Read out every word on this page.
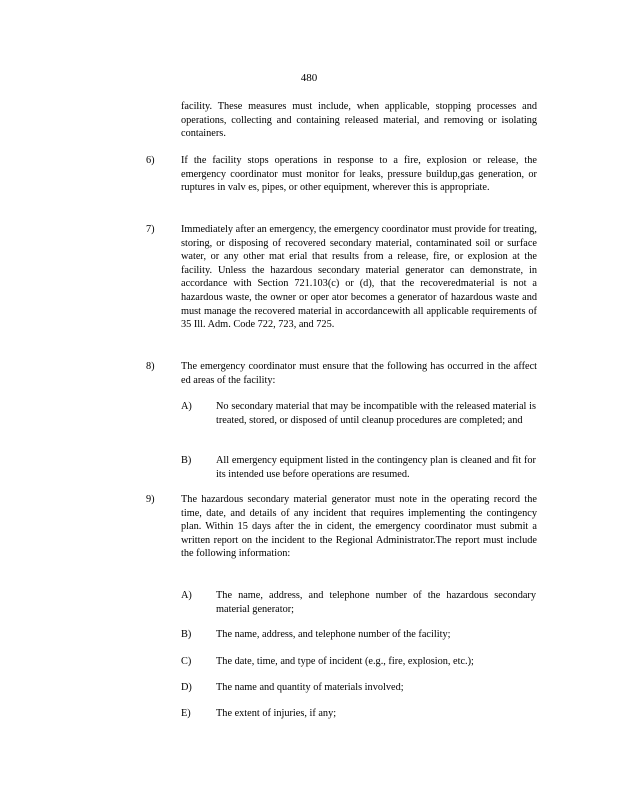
480
facility. These measures must include, when applicable, stopping processes and operations, collecting and containing released material, and removing or isolating containers.
6)	If the facility stops operations in response to a fire, explosion or release, the emergency coordinator must monitor for leaks, pressure buildup,gas generation, or ruptures in valv es, pipes, or other equipment, wherever this is appropriate.
7)	Immediately after an emergency, the emergency coordinator must provide for treating, storing, or disposing of recovered secondary material, contaminated soil or surface water, or any other mat erial that results from a release, fire, or explosion at the facility. Unless the hazardous secondary material generator can demonstrate, in accordance with Section 721.103(c) or (d), that the recoveredmaterial is not a hazardous waste, the owner or oper ator becomes a generator of hazardous waste and must manage the recovered material in accordancewith all applicable requirements of 35 Ill. Adm. Code 722, 723, and 725.
8)	The emergency coordinator must ensure that the following has occurred in the affect ed areas of the facility:
A) No secondary material that may be incompatible with the released material is treated, stored, or disposed of until cleanup procedures are completed; and
B) All emergency equipment listed in the contingency plan is cleaned and fit for its intended use before operations are resumed.
9)	The hazardous secondary material generator must note in the operating record the time, date, and details of any incident that requires implementing the contingency plan. Within 15 days after the in cident, the emergency coordinator must submit a written report on the incident to the Regional Administrator.The report must include the following information:
A) The name, address, and telephone number of the hazardous secondary material generator;
B) The name, address, and telephone number of the facility;
C) The date, time, and type of incident (e.g., fire, explosion, etc.);
D) The name and quantity of materials involved;
E) The extent of injuries, if any;
